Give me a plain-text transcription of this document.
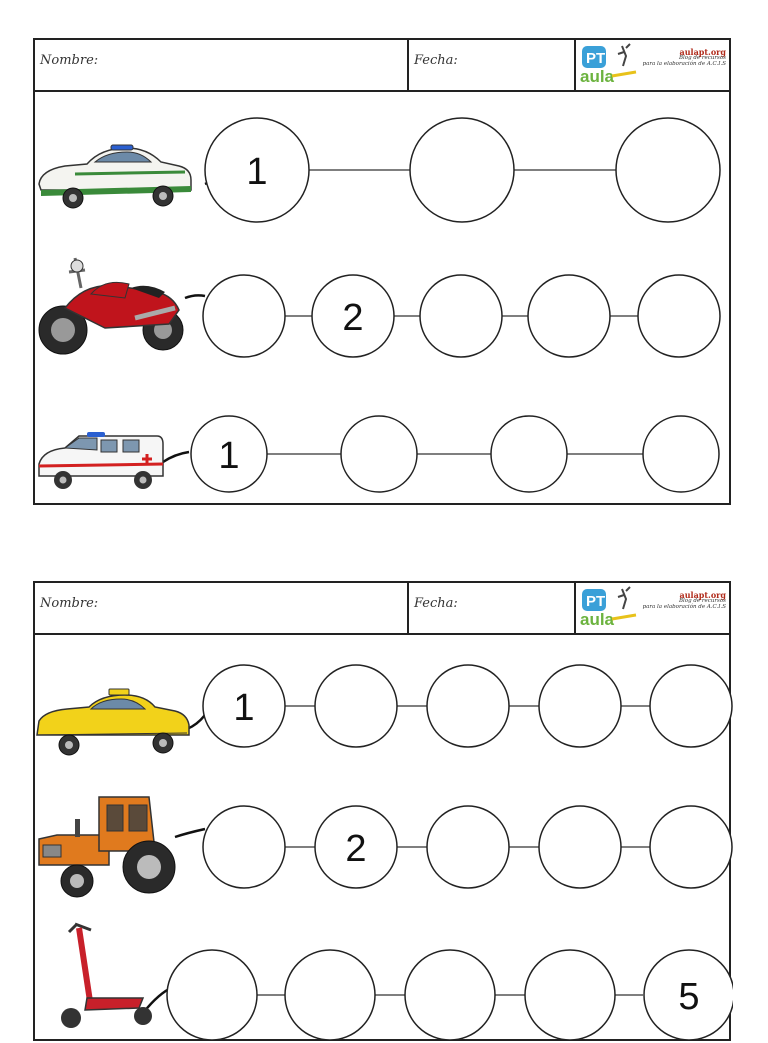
Nombre:	Fecha:	PT
aula
aulapt.org
Blog de recursos
para la elaboración de A.C.I.S
1
2
1
Nombre:	Fecha:	PT
aula
aulapt.org
Blog de recursos
para la elaboración de A.C.I.S
1
2
5
